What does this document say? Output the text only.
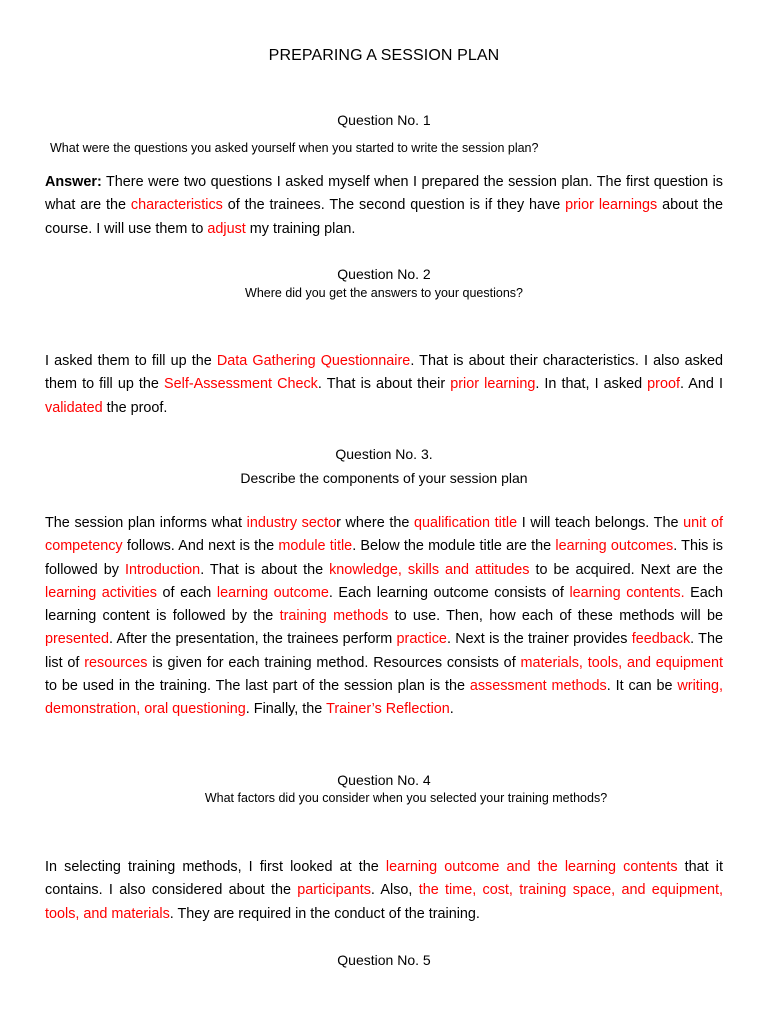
PREPARING A SESSION PLAN
Question No. 1
What were the questions you asked yourself when you started to write the session plan?
Answer: There were two questions I asked myself when I prepared the session plan. The first question is what are the characteristics of the trainees. The second question is if they have prior learnings about the course. I will use them to adjust my training plan.
Question No. 2
Where did you get the answers to your questions?
I asked them to fill up the Data Gathering Questionnaire. That is about their characteristics. I also asked them to fill up the Self-Assessment Check. That is about their prior learning. In that, I asked proof. And I validated the proof.
Question No. 3.
Describe the components of your session plan
The session plan informs what industry sector where the qualification title I will teach belongs. The unit of competency follows. And next is the module title. Below the module title are the learning outcomes. This is followed by Introduction. That is about the knowledge, skills and attitudes to be acquired. Next are the learning activities of each learning outcome. Each learning outcome consists of learning contents. Each learning content is followed by the training methods to use. Then, how each of these methods will be presented. After the presentation, the trainees perform practice. Next is the trainer provides feedback. The list of resources is given for each training method. Resources consists of materials, tools, and equipment to be used in the training. The last part of the session plan is the assessment methods. It can be writing, demonstration, oral questioning. Finally, the Trainer’s Reflection.
Question No. 4
What factors did you consider when you selected your training methods?
In selecting training methods, I first looked at the learning outcome and the learning contents that it contains. I also considered about the participants. Also, the time, cost, training space, and equipment, tools, and materials. They are required in the conduct of the training.
Question No. 5
